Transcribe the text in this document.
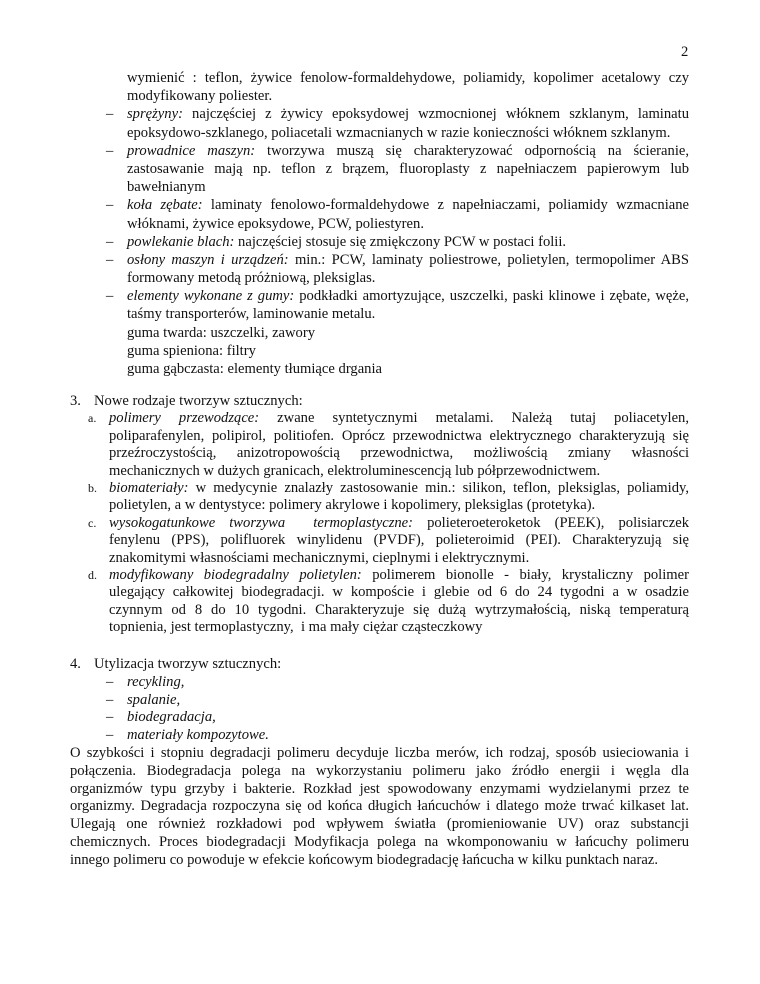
2
wymienić : teflon, żywice fenolow-formaldehydowe, poliamidy, kopolimer acetalowy czy
modyfikowany poliester.
– sprężyny: najczęściej z żywicy epoksydowej wzmocnionej włóknem szklanym, laminatu
epoksydowo-szklanego, poliacetali wzmacnianych w razie konieczności włóknem szklanym.
– prowadnice maszyn: tworzywa muszą się charakteryzować odpornością na ścieranie,
zastosawanie mają np. teflon z brązem, fluoroplasty z napełniaczem papierowym lub
bawełnianym
– koła zębate: laminaty fenolowo-formaldehydowe z napełniaczami, poliamidy wzmacniane
włóknami, żywice epoksydowe, PCW, poliestyren.
– powlekanie blach: najczęściej stosuje się zmiękczony PCW w postaci folii.
– osłony maszyn i urządzeń: min.: PCW, laminaty poliestrowe, polietylen, termopolimer ABS
formowany metodą próżniową, pleksiglas.
– elementy wykonane z gumy: podkładki amortyzujące, uszczelki, paski klinowe i zębate, węże,
taśmy transporterów, laminowanie metalu.
guma twarda: uszczelki, zawory
guma spieniona: filtry
guma gąbczasta: elementy tłumiące drgania
3. Nowe rodzaje tworzyw sztucznych:
a. polimery przewodzące: zwane syntetycznymi metalami. Należą tutaj poliacetylen,
poliparafenylen, polipirol, politiofen. Oprócz przewodnictwa elektrycznego charakteryzują się
przeźroczystością, anizotropowością przewodnictwa, możliwością zmiany własności
mechanicznych w dużych granicach, elektroluminescencją lub półprzewodnictwem.
b. biomateriały: w medycynie znalazły zastosowanie min.: silikon, teflon, pleksiglas, poliamidy,
polietylen, a w dentystyce: polimery akrylowe i kopolimery, pleksiglas (protetyka).
c. wysokogatunkowe tworzywa  termoplastyczne: polieteroeteroketok (PEEK), polisiarczek
fenylenu (PPS), polifluorek winylidenu (PVDF), polieteroimid (PEI). Charakteryzują się
znakomitymi własnościami mechanicznymi, cieplnymi i elektrycznymi.
d. modyfikowany biodegradalny polietylen: polimerem bionolle - biały, krystaliczny polimer
ulegający całkowitej biodegradacji. w kompoście i glebie od 6 do 24 tygodni a w osadzie
czynnym od 8 do 10 tygodni. Charakteryzuje się dużą wytrzymałością, niską temperaturą
topnienia, jest termoplastyczny,  i ma mały ciężar cząsteczkowy
4. Utylizacja tworzyw sztucznych:
– recykling,
– spalanie,
– biodegradacja,
– materiały kompozytowe.
O szybkości i stopniu degradacji polimeru decyduje liczba merów, ich rodzaj, sposób usieciowania i
połączenia. Biodegradacja polega na wykorzystaniu polimeru jako źródło energii i węgla dla
organizmów typu grzyby i bakterie. Rozkład jest spowodowany enzymami wydzielanymi przez te
organizmy. Degradacja rozpoczyna się od końca długich łańcuchów i dlatego może trwać kilkaset lat.
Ulegają one również rozkładowi pod wpływem światła (promieniowanie UV) oraz substancji
chemicznych. Proces biodegradacji Modyfikacja polega na wkomponowaniu w łańcuchy polimeru
innego polimeru co powoduje w efekcie końcowym biodegradację łańcucha w kilku punktach naraz.
